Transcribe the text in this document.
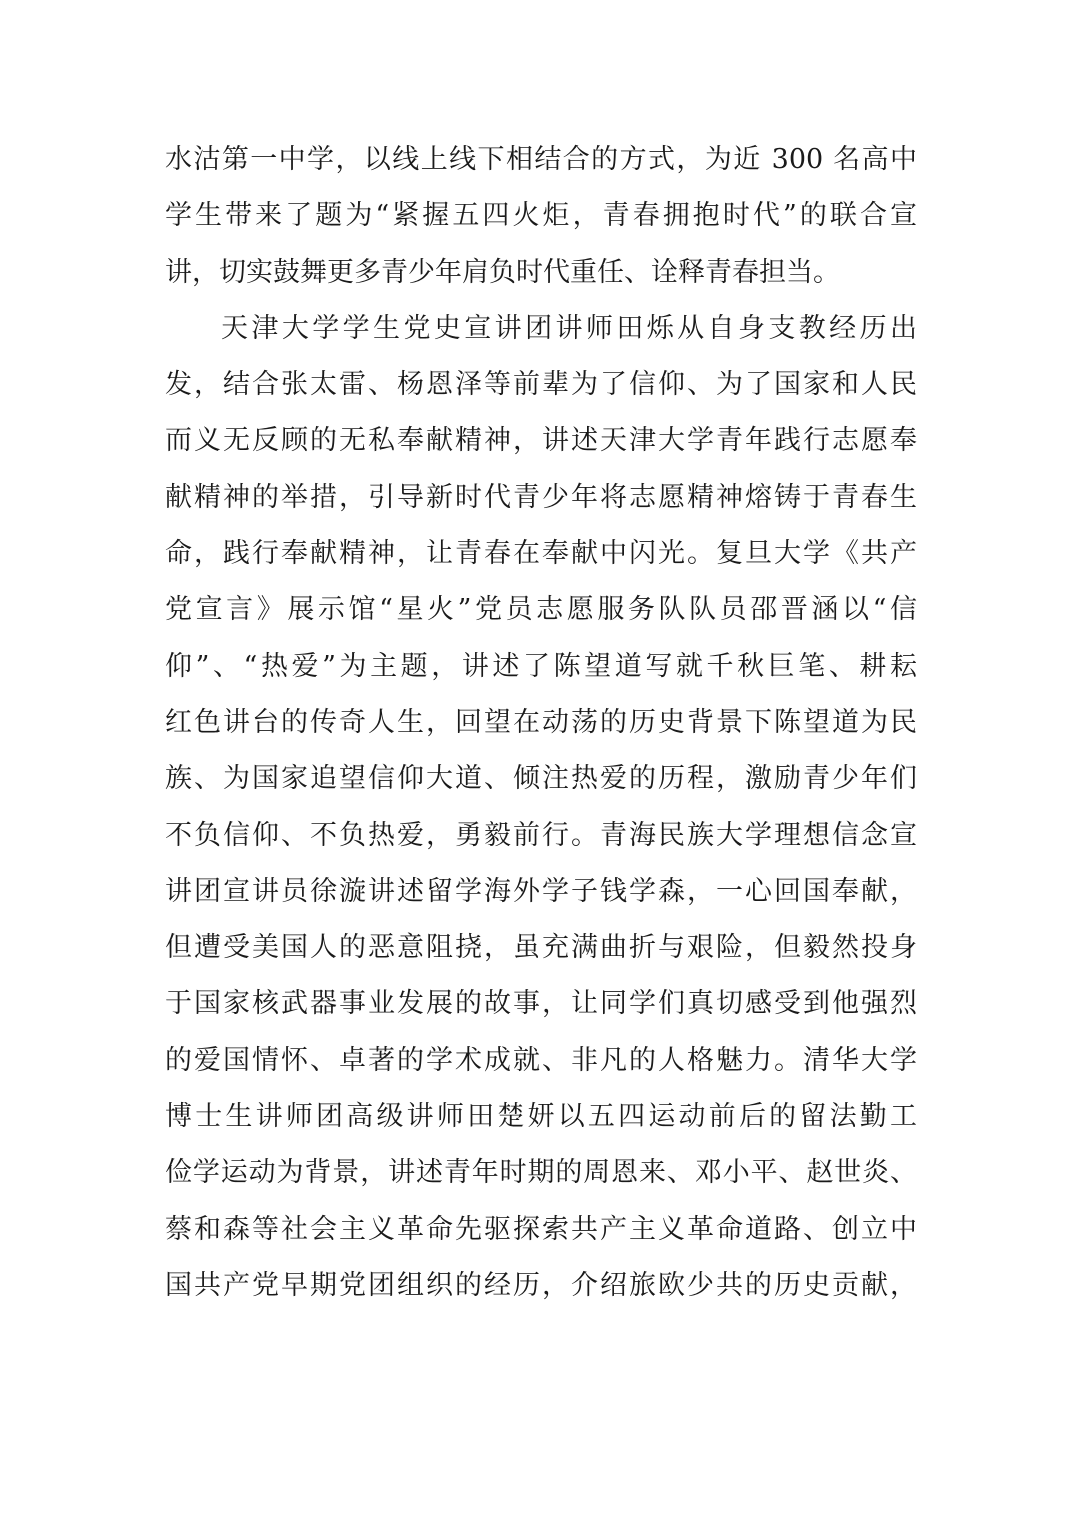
水沽第一中学，以线上线下相结合的方式，为近 300 名高中
学生带来了题为“紧握五四火炬，青春拥抱时代”的联合宣
讲，切实鼓舞更多青少年肩负时代重任、诠释青春担当。
天津大学学生党史宣讲团讲师田烁从自身支教经历出
发，结合张太雷、杨恩泽等前辈为了信仰、为了国家和人民
而义无反顾的无私奉献精神，讲述天津大学青年践行志愿奉
献精神的举措，引导新时代青少年将志愿精神熔铸于青春生
命，践行奉献精神，让青春在奉献中闪光。复旦大学《共产
党宣言》展示馆“星火”党员志愿服务队队员邵晋涵以“信
仰”、“热爱”为主题，讲述了陈望道写就千秋巨笔、耕耘
红色讲台的传奇人生，回望在动荡的历史背景下陈望道为民
族、为国家追望信仰大道、倾注热爱的历程，激励青少年们
不负信仰、不负热爱，勇毅前行。青海民族大学理想信念宣
讲团宣讲员徐漩讲述留学海外学子钱学森，一心回国奉献，
但遭受美国人的恶意阻挠，虽充满曲折与艰险，但毅然投身
于国家核武器事业发展的故事，让同学们真切感受到他强烈
的爱国情怀、卓著的学术成就、非凡的人格魅力。清华大学
博士生讲师团高级讲师田楚妍以五四运动前后的留法勤工
俭学运动为背景，讲述青年时期的周恩来、邓小平、赵世炎、
蔡和森等社会主义革命先驱探索共产主义革命道路、创立中
国共产党早期党团组织的经历，介绍旅欧少共的历史贡献，
